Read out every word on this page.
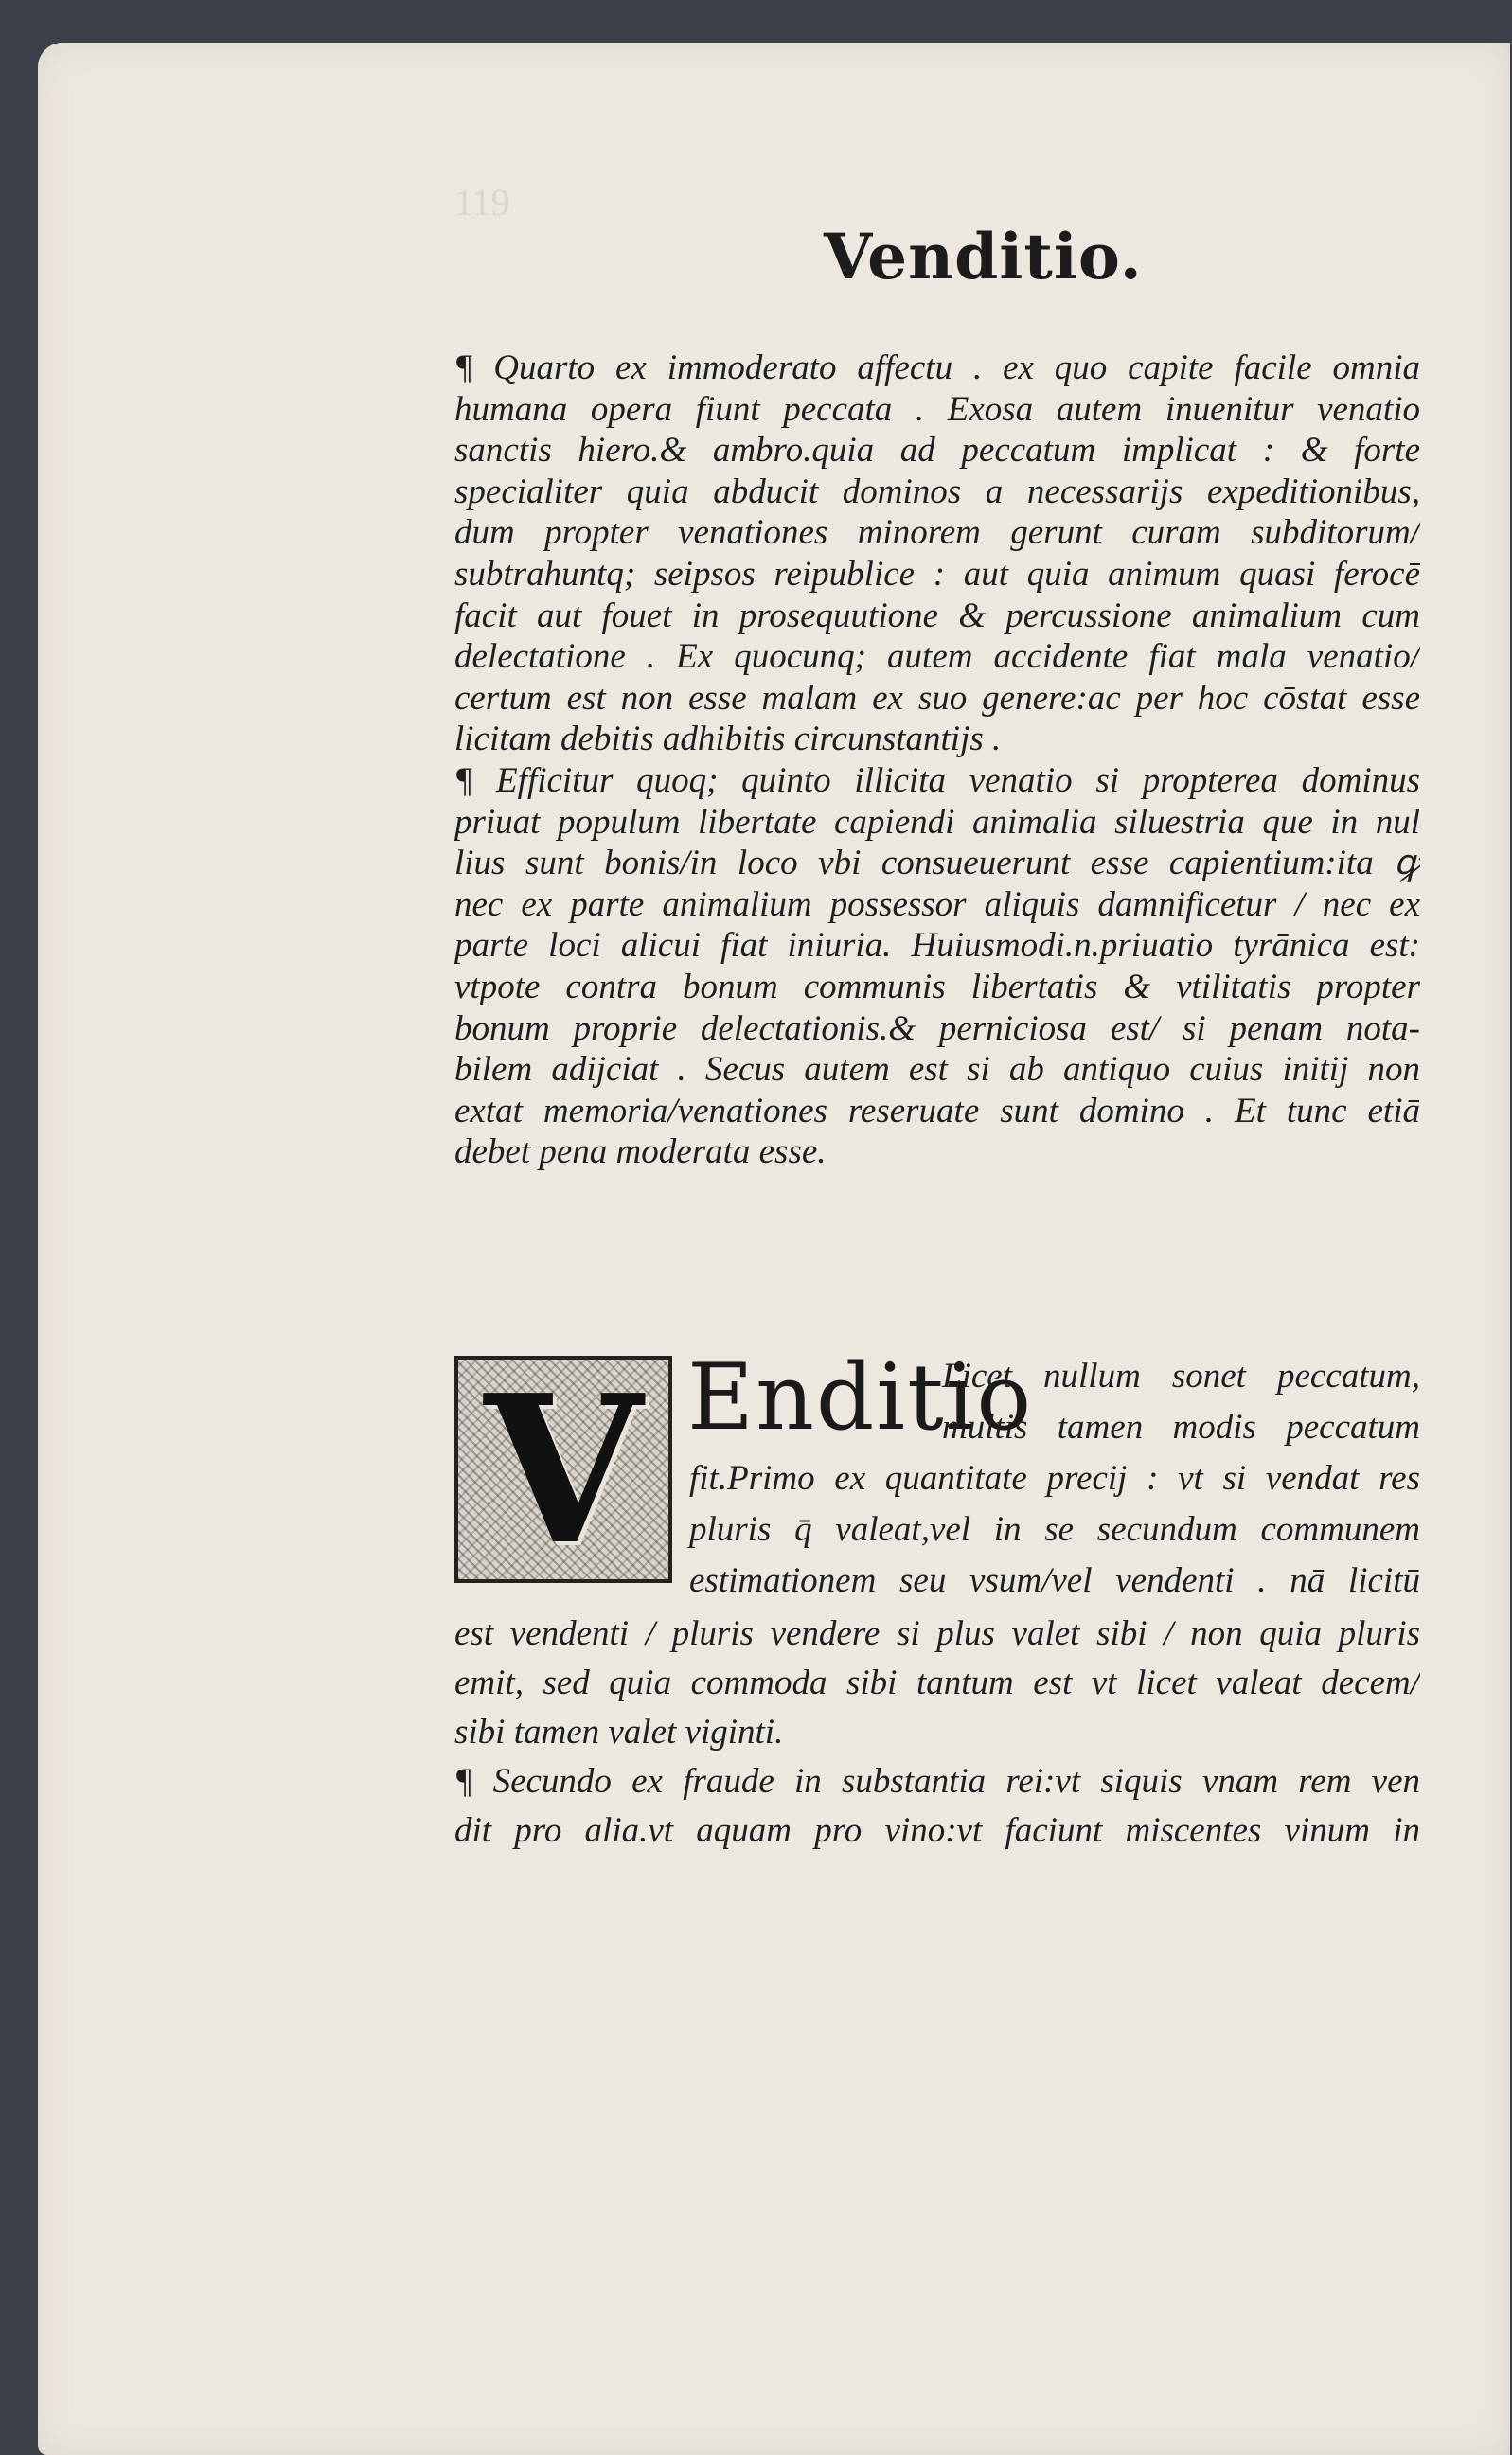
119
Venditio.
¶ Quarto ex immoderato affectu . ex quo capite facile omnia
humana opera fiunt peccata . Exosa autem inuenitur venatio
sanctis hiero.& ambro.quia ad peccatum implicat : & forte
specialiter quia abducit dominos a necessarijs expeditionibus,
dum propter venationes minorem gerunt curam subditorum/
subtrahuntq; seipsos reipublice : aut quia animum quasi ferocē
facit aut fouet in prosequutione & percussione animalium cum
delectatione . Ex quocunq; autem accidente fiat mala venatio/
certum est non esse malam ex suo genere:ac per hoc cōstat esse
licitam debitis adhibitis circunstantijs .
¶ Efficitur quoq; quinto illicita venatio si propterea dominus
priuat populum libertate capiendi animalia siluestria que in nul
lius sunt bonis/in loco vbi consueuerunt esse capientium:ita ꝙ
nec ex parte animalium possessor aliquis damnificetur / nec ex
parte loci alicui fiat iniuria. Huiusmodi.n.priuatio tyrānica est:
vtpote contra bonum communis libertatis & vtilitatis propter
bonum proprie delectationis.& perniciosa est/ si penam nota-
bilem adijciat . Secus autem est si ab antiquo cuius initij non
extat memoria/venationes reseruate sunt domino . Et tunc etiā
debet pena moderata esse.
V Enditio
Licet nullum sonet peccatum,
multis tamen modis peccatum
fit.Primo ex quantitate precij : vt si vendat res
pluris q̄ valeat,vel in se secundum communem
estimationem seu vsum/vel vendenti . nā licitū
est vendenti / pluris vendere si plus valet sibi / non quia pluris
emit, sed quia commoda sibi tantum est vt licet valeat decem/
sibi tamen valet viginti.
¶ Secundo ex fraude in substantia rei:vt siquis vnam rem ven
dit pro alia.vt aquam pro vino:vt faciunt miscentes vinum in
